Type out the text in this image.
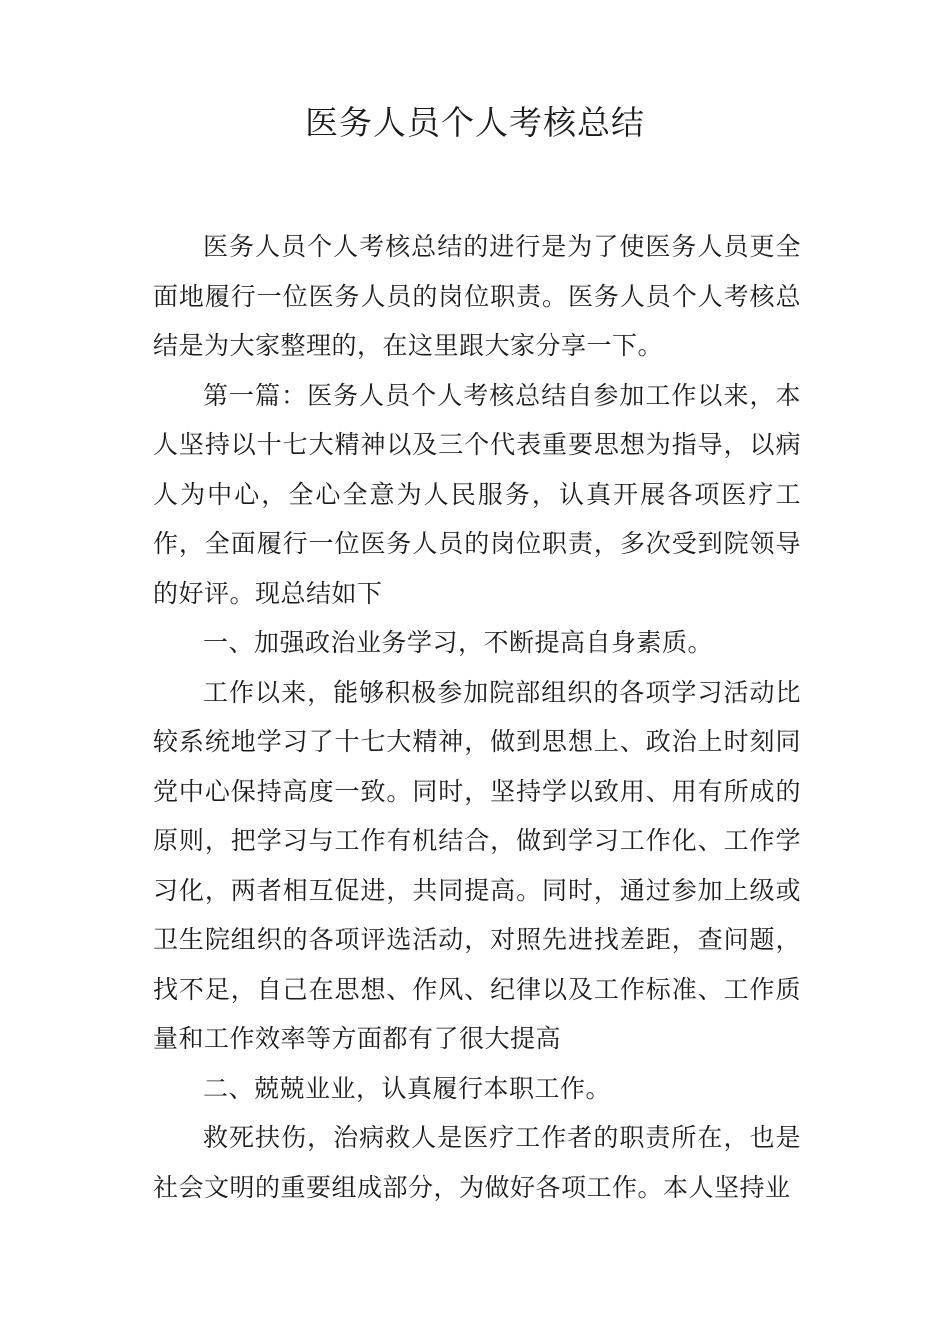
医务人员个人考核总结

医务人员个人考核总结的进行是为了使医务人员更全面地履行一位医务人员的岗位职责。医务人员个人考核总结是为大家整理的，在这里跟大家分享一下。

第一篇：医务人员个人考核总结自参加工作以来，本人坚持以十七大精神以及三个代表重要思想为指导，以病人为中心，全心全意为人民服务，认真开展各项医疗工作，全面履行一位医务人员的岗位职责，多次受到院领导的好评。现总结如下

一、加强政治业务学习，不断提高自身素质。

工作以来，能够积极参加院部组织的各项学习活动比较系统地学习了十七大精神，做到思想上、政治上时刻同党中心保持高度一致。同时，坚持学以致用、用有所成的原则，把学习与工作有机结合，做到学习工作化、工作学习化，两者相互促进，共同提高。同时，通过参加上级或卫生院组织的各项评选活动，对照先进找差距，查问题，找不足，自己在思想、作风、纪律以及工作标准、工作质量和工作效率等方面都有了很大提高

二、兢兢业业，认真履行本职工作。

救死扶伤，治病救人是医疗工作者的职责所在，也是社会文明的重要组成部分，为做好各项工作。本人坚持业
